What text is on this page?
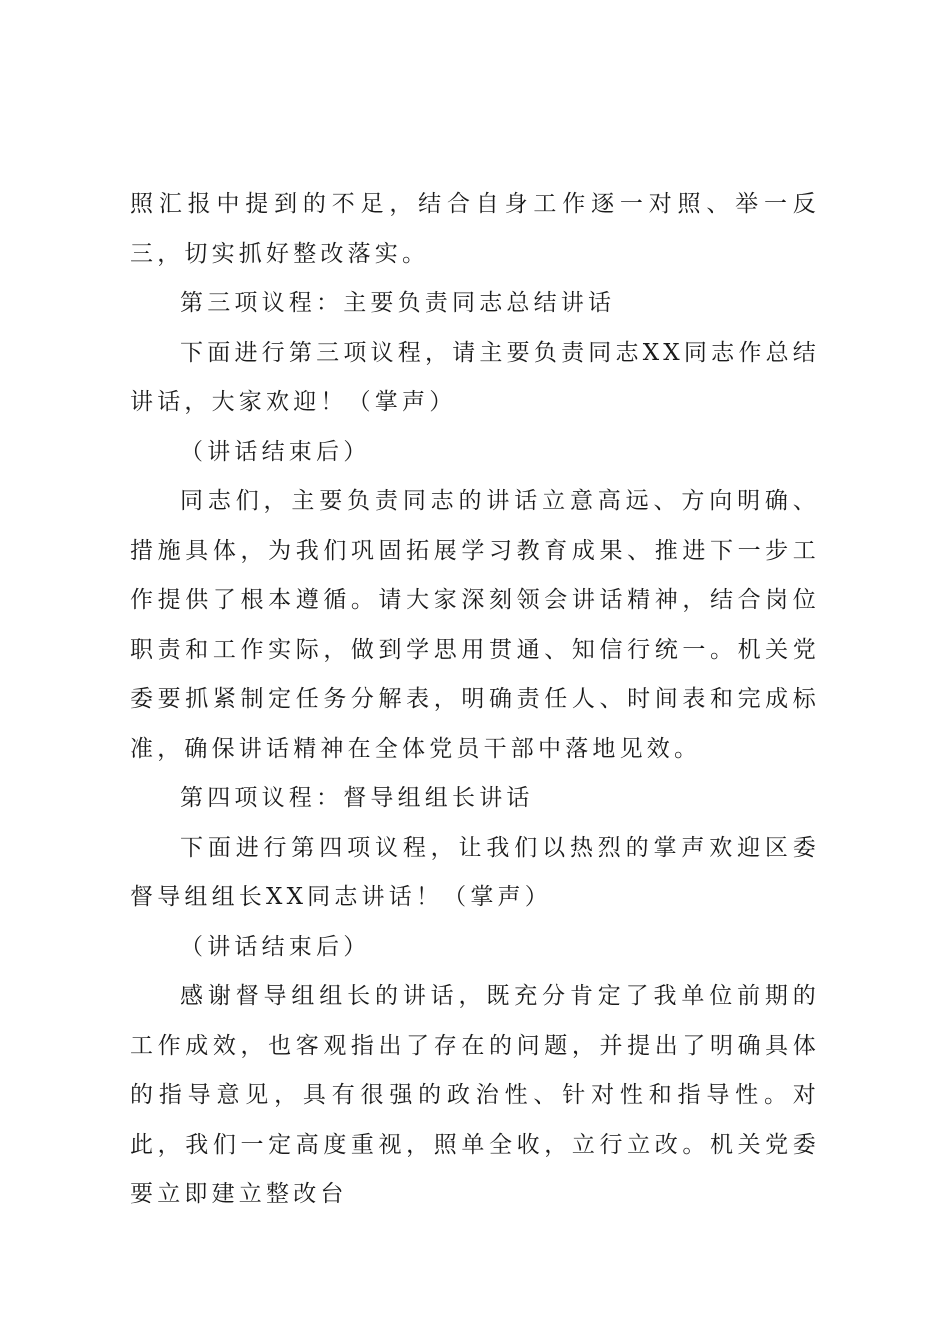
照汇报中提到的不足，结合自身工作逐一对照、举一反三，切实抓好整改落实。

第三项议程：主要负责同志总结讲话

下面进行第三项议程，请主要负责同志XX同志作总结讲话，大家欢迎！（掌声）

（讲话结束后）

同志们，主要负责同志的讲话立意高远、方向明确、措施具体，为我们巩固拓展学习教育成果、推进下一步工作提供了根本遵循。请大家深刻领会讲话精神，结合岗位职责和工作实际，做到学思用贯通、知信行统一。机关党委要抓紧制定任务分解表，明确责任人、时间表和完成标准，确保讲话精神在全体党员干部中落地见效。

第四项议程：督导组组长讲话

下面进行第四项议程，让我们以热烈的掌声欢迎区委督导组组长XX同志讲话！（掌声）

（讲话结束后）

感谢督导组组长的讲话，既充分肯定了我单位前期的工作成效，也客观指出了存在的问题，并提出了明确具体的指导意见，具有很强的政治性、针对性和指导性。对此，我们一定高度重视，照单全收，立行立改。机关党委要立即建立整改台
